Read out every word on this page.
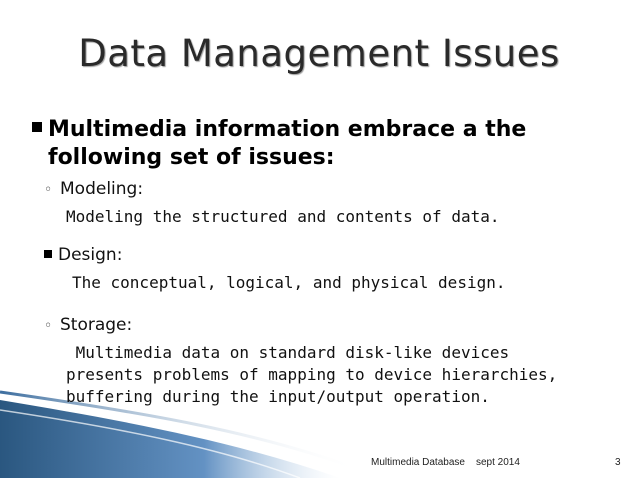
Data Management Issues
Multimedia information embrace a the following set of issues:
◦ Modeling:
Modeling the structured and contents of data.
Design:
The conceptual, logical, and physical design.
◦ Storage:
Multimedia data on standard disk-like devices
presents problems of mapping to device hierarchies,
buffering during the input/output operation.
Multimedia Database sept 2014	3
